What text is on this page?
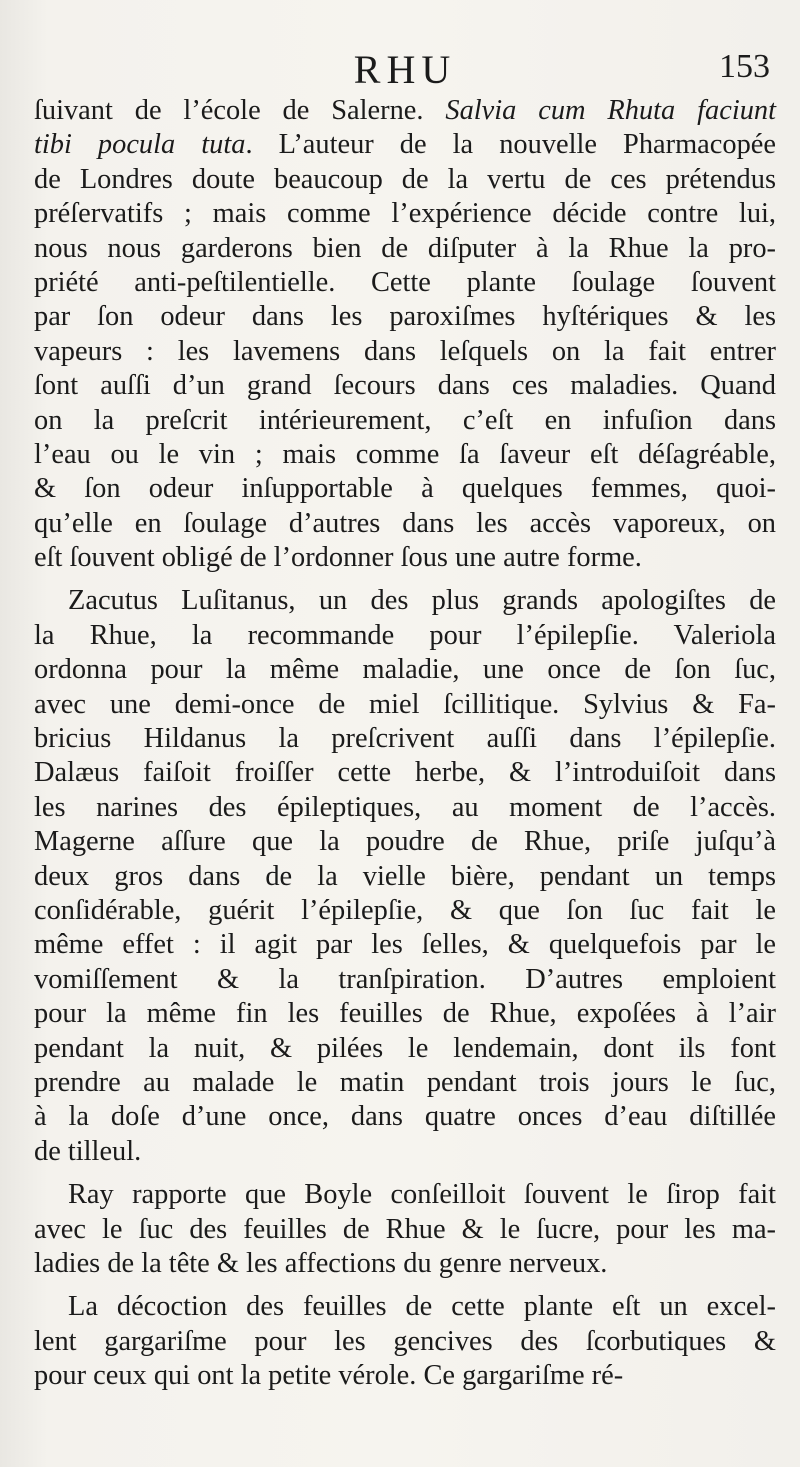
RHU	153
ſuivant de l’école de Salerne. Salvia cum Rhuta faciunt
tibi pocula tuta. L’auteur de la nouvelle Pharmacopée
de Londres doute beaucoup de la vertu de ces prétendus
préſervatifs ; mais comme l’expérience décide contre lui,
nous nous garderons bien de diſputer à la Rhue la pro-
priété anti-peſtilentielle. Cette plante ſoulage ſouvent
par ſon odeur dans les paroxiſmes hyſtériques & les
vapeurs : les lavemens dans leſquels on la fait entrer
ſont auſſi d’un grand ſecours dans ces maladies. Quand
on la preſcrit intérieurement, c’eſt en infuſion dans
l’eau ou le vin ; mais comme ſa ſaveur eſt déſagréable,
& ſon odeur inſupportable à quelques femmes, quoi-
qu’elle en ſoulage d’autres dans les accès vaporeux, on
eſt ſouvent obligé de l’ordonner ſous une autre forme.
Zacutus Luſitanus, un des plus grands apologiſtes de
la Rhue, la recommande pour l’épilepſie. Valeriola
ordonna pour la même maladie, une once de ſon ſuc,
avec une demi-once de miel ſcillitique. Sylvius & Fa-
bricius Hildanus la preſcrivent auſſi dans l’épilepſie.
Dalæus faiſoit froiſſer cette herbe, & l’introduiſoit dans
les narines des épileptiques, au moment de l’accès.
Magerne aſſure que la poudre de Rhue, priſe juſqu’à
deux gros dans de la vielle bière, pendant un temps
conſidérable, guérit l’épilepſie, & que ſon ſuc fait le
même effet : il agit par les ſelles, & quelquefois par le
vomiſſement & la tranſpiration. D’autres emploient
pour la même fin les feuilles de Rhue, expoſées à l’air
pendant la nuit, & pilées le lendemain, dont ils font
prendre au malade le matin pendant trois jours le ſuc,
à la doſe d’une once, dans quatre onces d’eau diſtillée
de tilleul.
Ray rapporte que Boyle conſeilloit ſouvent le ſirop fait
avec le ſuc des feuilles de Rhue & le ſucre, pour les ma-
ladies de la tête & les affections du genre nerveux.
La décoction des feuilles de cette plante eſt un excel-
lent gargariſme pour les gencives des ſcorbutiques &
pour ceux qui ont la petite vérole. Ce gargariſme ré-
